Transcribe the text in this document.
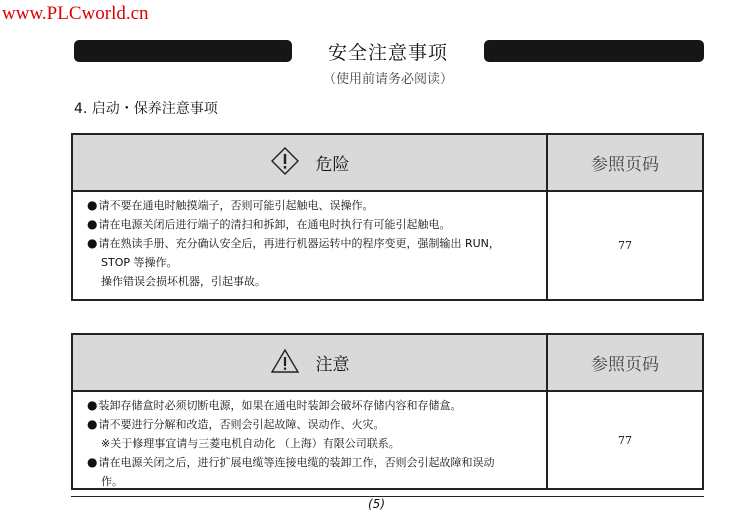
www.PLCworld.cn
安全注意事项
（使用前请务必阅读）
4. 启动・保养注意事项
危险	参照页码
● 请不要在通电时触摸端子，否则可能引起触电、误操作。
● 请在电源关闭后进行端子的清扫和拆卸，在通电时执行有可能引起触电。
● 请在熟读手册、充分确认安全后，再进行机器运转中的程序变更，强制输出 RUN，
STOP 等操作。
操作错误会损坏机器，引起事故。
77
注意	参照页码
● 装卸存储盒时必须切断电源，如果在通电时装卸会破坏存储内容和存储盒。
● 请不要进行分解和改造，否则会引起故障、误动作、火灾。
※关于修理事宜请与三菱电机自动化 （上海）有限公司联系。
● 请在电源关闭之后，进行扩展电缆等连接电缆的装卸工作，否则会引起故障和误动
作。
77
(5)
